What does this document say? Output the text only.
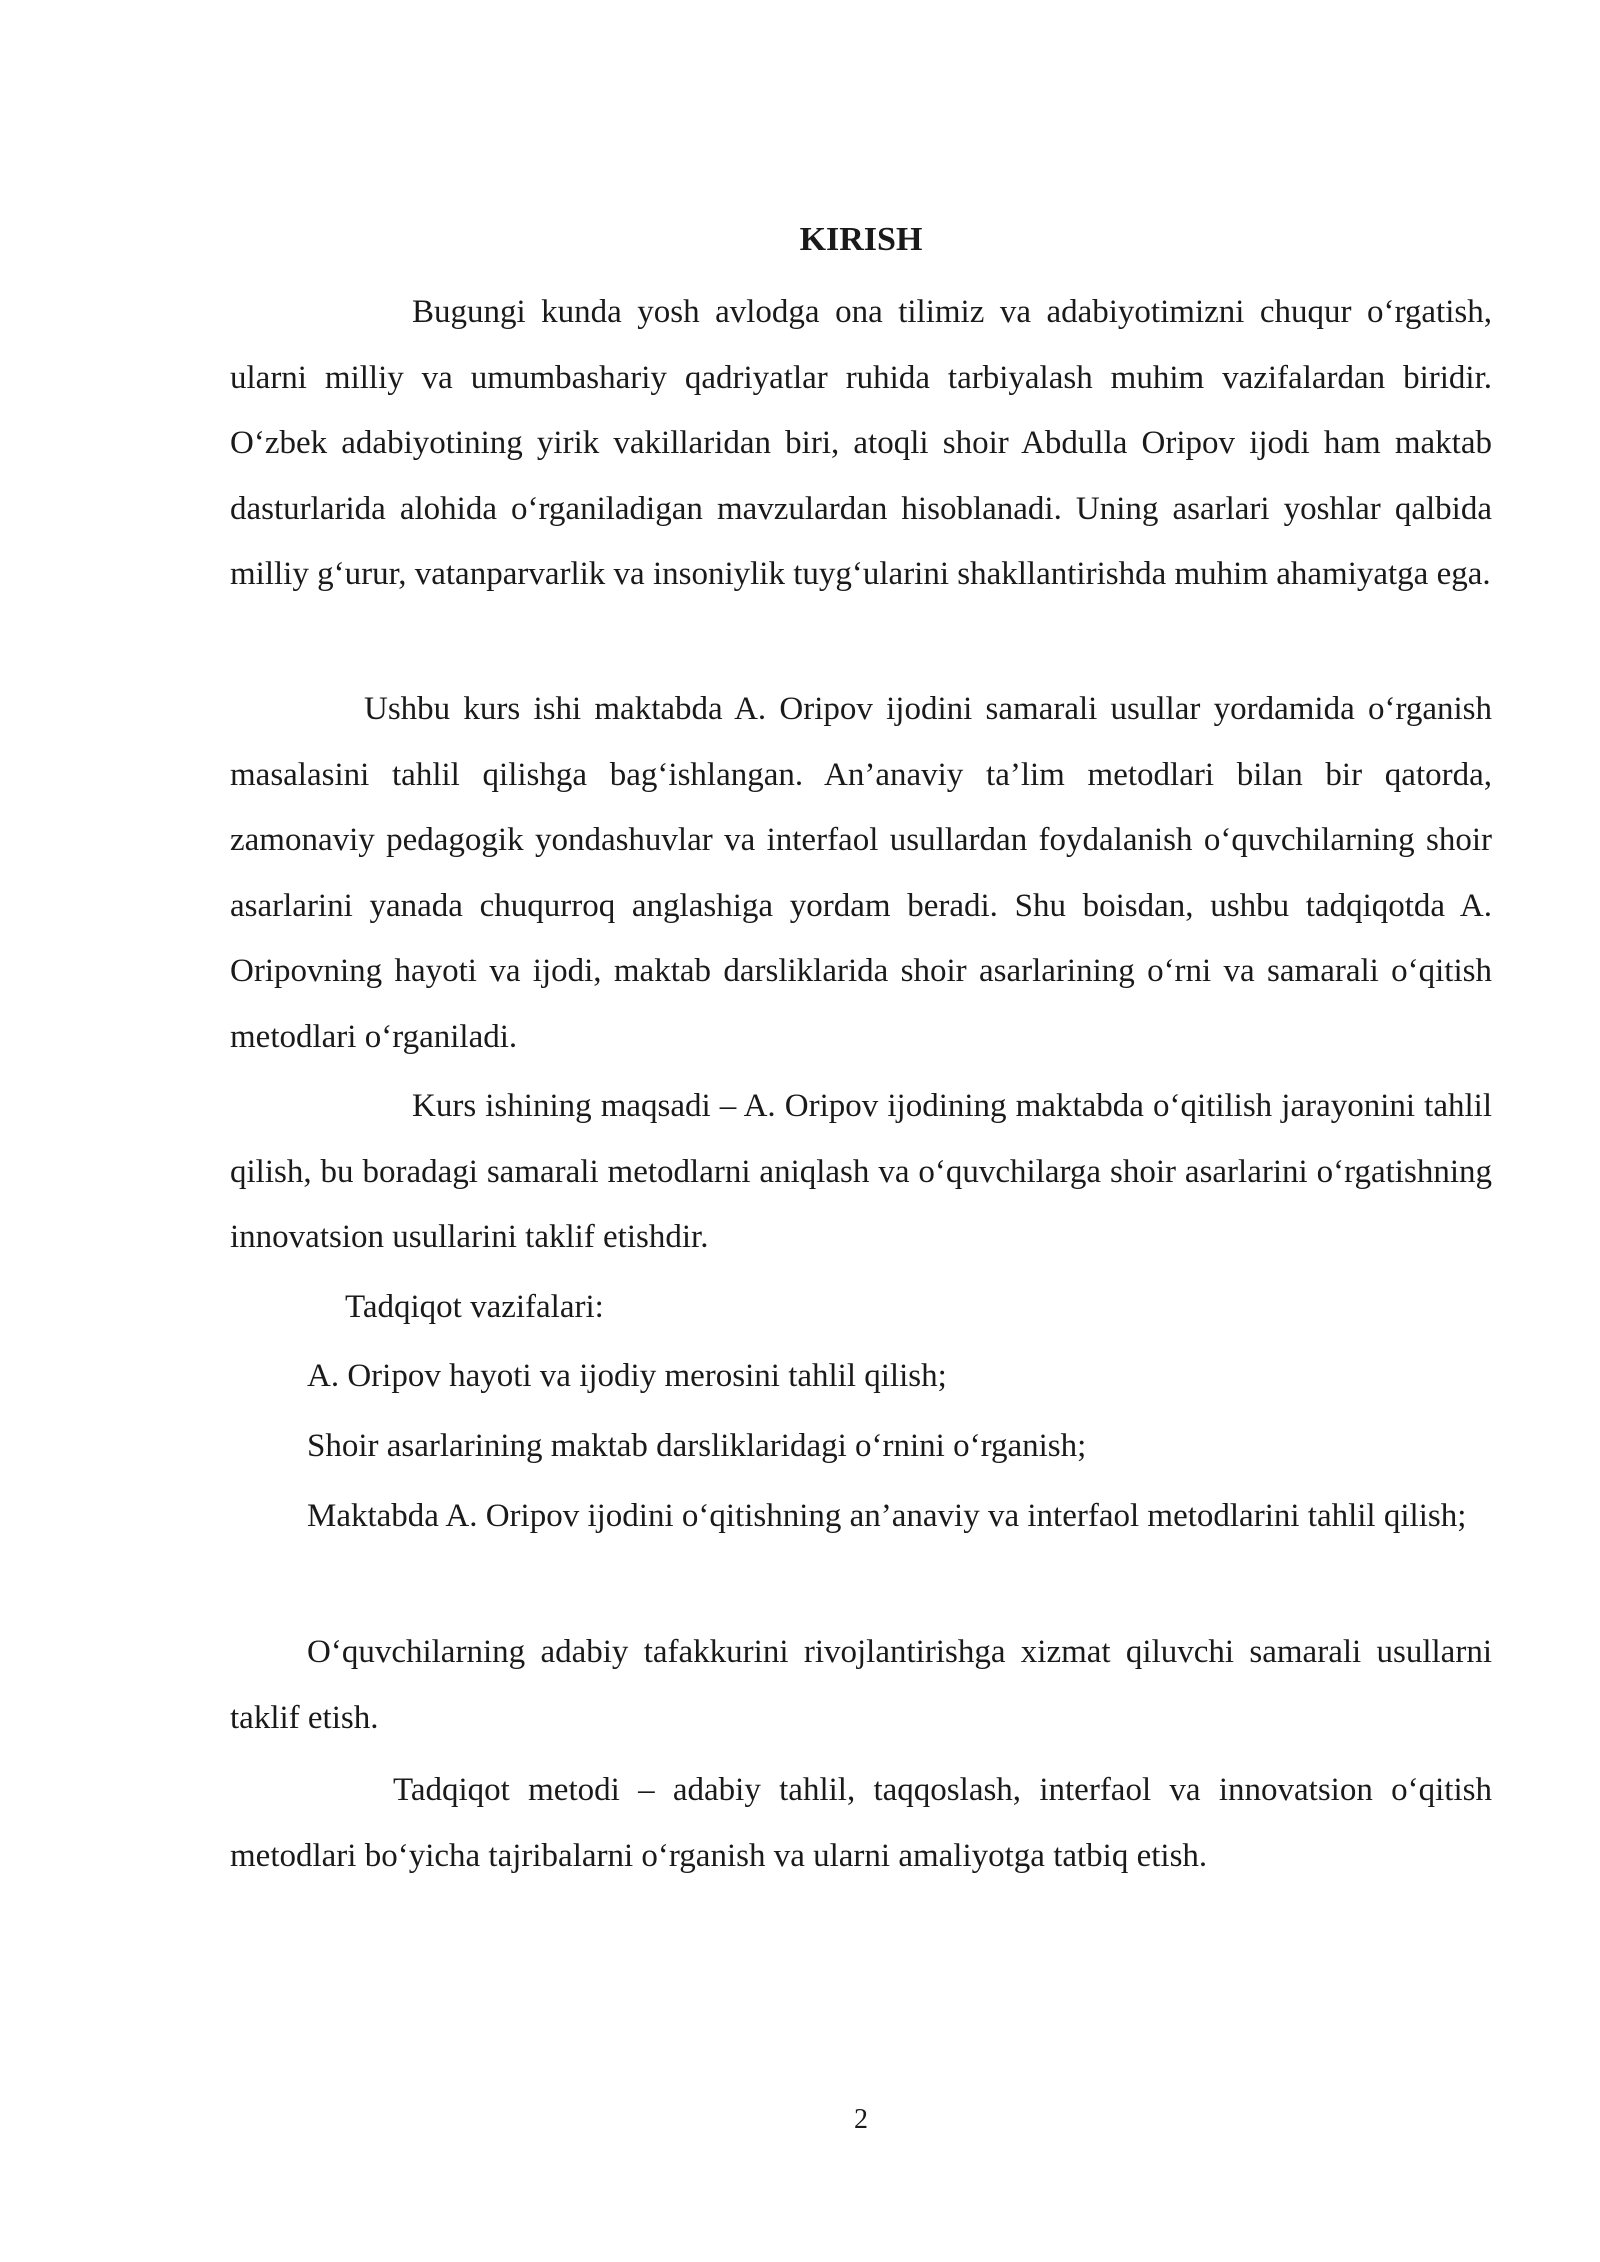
KIRISH

Bugungi kunda yosh avlodga ona tilimiz va adabiyotimizni chuqur o‘rgatish, ularni milliy va umumbashariy qadriyatlar ruhida tarbiyalash muhim vazifalardan biridir. O‘zbek adabiyotining yirik vakillaridan biri, atoqli shoir Abdulla Oripov ijodi ham maktab dasturlarida alohida o‘rganiladigan mavzulardan hisoblanadi. Uning asarlari yoshlar qalbida milliy g‘urur, vatanparvarlik va insoniylik tuyg‘ularini shakllantirishda muhim ahamiyatga ega.

Ushbu kurs ishi maktabda A. Oripov ijodini samarali usullar yordamida o‘rganish masalasini tahlil qilishga bag‘ishlangan. An’anaviy ta’lim metodlari bilan bir qatorda, zamonaviy pedagogik yondashuvlar va interfaol usullardan foydalanish o‘quvchilarning shoir asarlarini yanada chuqurroq anglashiga yordam beradi. Shu boisdan, ushbu tadqiqotda A. Oripovning hayoti va ijodi, maktab darsliklarida shoir asarlarining o‘rni va samarali o‘qitish metodlari o‘rganiladi.

Kurs ishining maqsadi – A. Oripov ijodining maktabda o‘qitilish jarayonini tahlil qilish, bu boradagi samarali metodlarni aniqlash va o‘quvchilarga shoir asarlarini o‘rgatishning innovatsion usullarini taklif etishdir.

Tadqiqot vazifalari:

A. Oripov hayoti va ijodiy merosini tahlil qilish;

Shoir asarlarining maktab darsliklaridagi o‘rnini o‘rganish;

Maktabda A. Oripov ijodini o‘qitishning an’anaviy va interfaol metodlarini tahlil qilish;

O‘quvchilarning adabiy tafakkurini rivojlantirishga xizmat qiluvchi samarali usullarni taklif etish.

Tadqiqot metodi – adabiy tahlil, taqqoslash, interfaol va innovatsion o‘qitish metodlari bo‘yicha tajribalarni o‘rganish va ularni amaliyotga tatbiq etish.

2
